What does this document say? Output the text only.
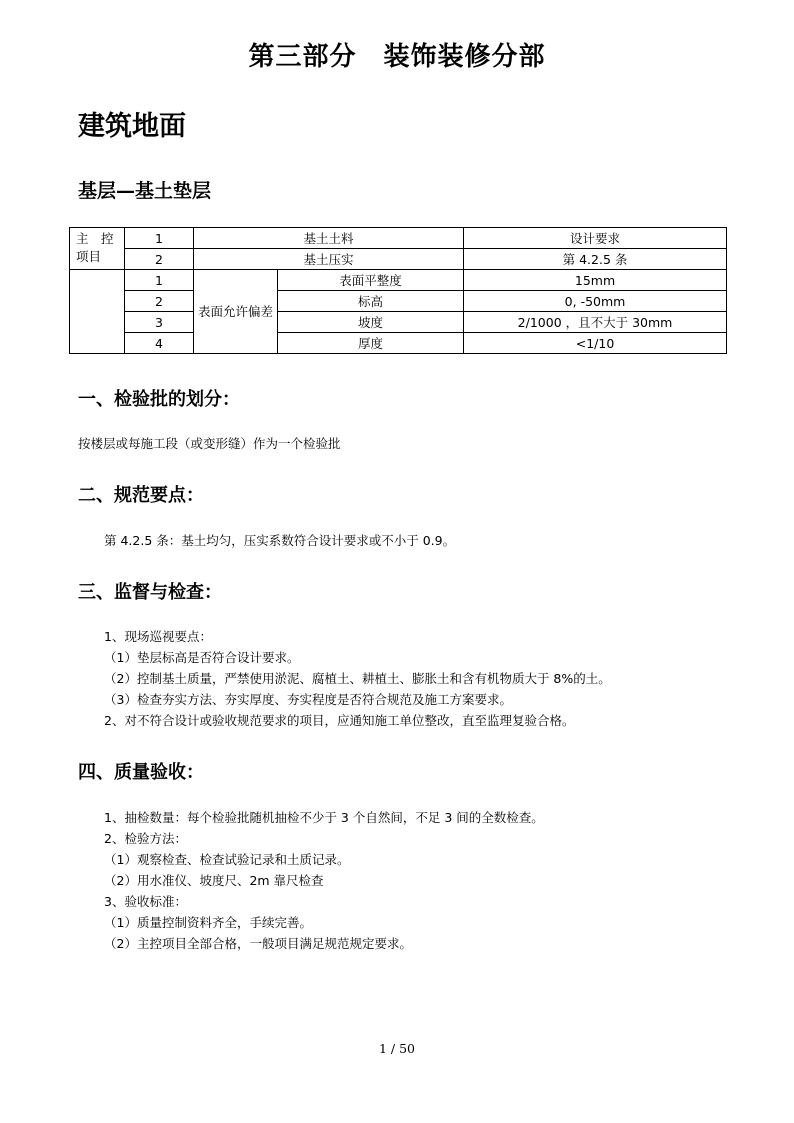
第三部分　装饰装修分部
建筑地面
基层—基土垫层
主　控　项目	1	基土土料		设计要求
	2	基土压实		第 4.2.5 条
	1	表面允许偏差	表面平整度	15mm
	2		标高	0, -50mm
	3		坡度	2/1000 ，且不大于 30mm
	4		厚度	<1/10
一、检验批的划分：
按楼层或每施工段（或变形缝）作为一个检验批
二、规范要点：
第 4.2.5 条：基土均匀，压实系数符合设计要求或不小于 0.9。
三、监督与检查：
1、现场巡视要点：
（1）垫层标高是否符合设计要求。
（2）控制基土质量，严禁使用淤泥、腐植土、耕植土、膨胀土和含有机物质大于 8%的土。
（3）检查夯实方法、夯实厚度、夯实程度是否符合规范及施工方案要求。
2、对不符合设计或验收规范要求的项目，应通知施工单位整改，直至监理复验合格。
四、质量验收：
1、抽检数量：每个检验批随机抽检不少于 3 个自然间，不足 3 间的全数检查。
2、检验方法：
（1）观察检查、检查试验记录和土质记录。
（2）用水准仪、坡度尺、2m 靠尺检查
3、验收标准：
（1）质量控制资料齐全，手续完善。
（2）主控项目全部合格，一般项目满足规范规定要求。
1 / 50
